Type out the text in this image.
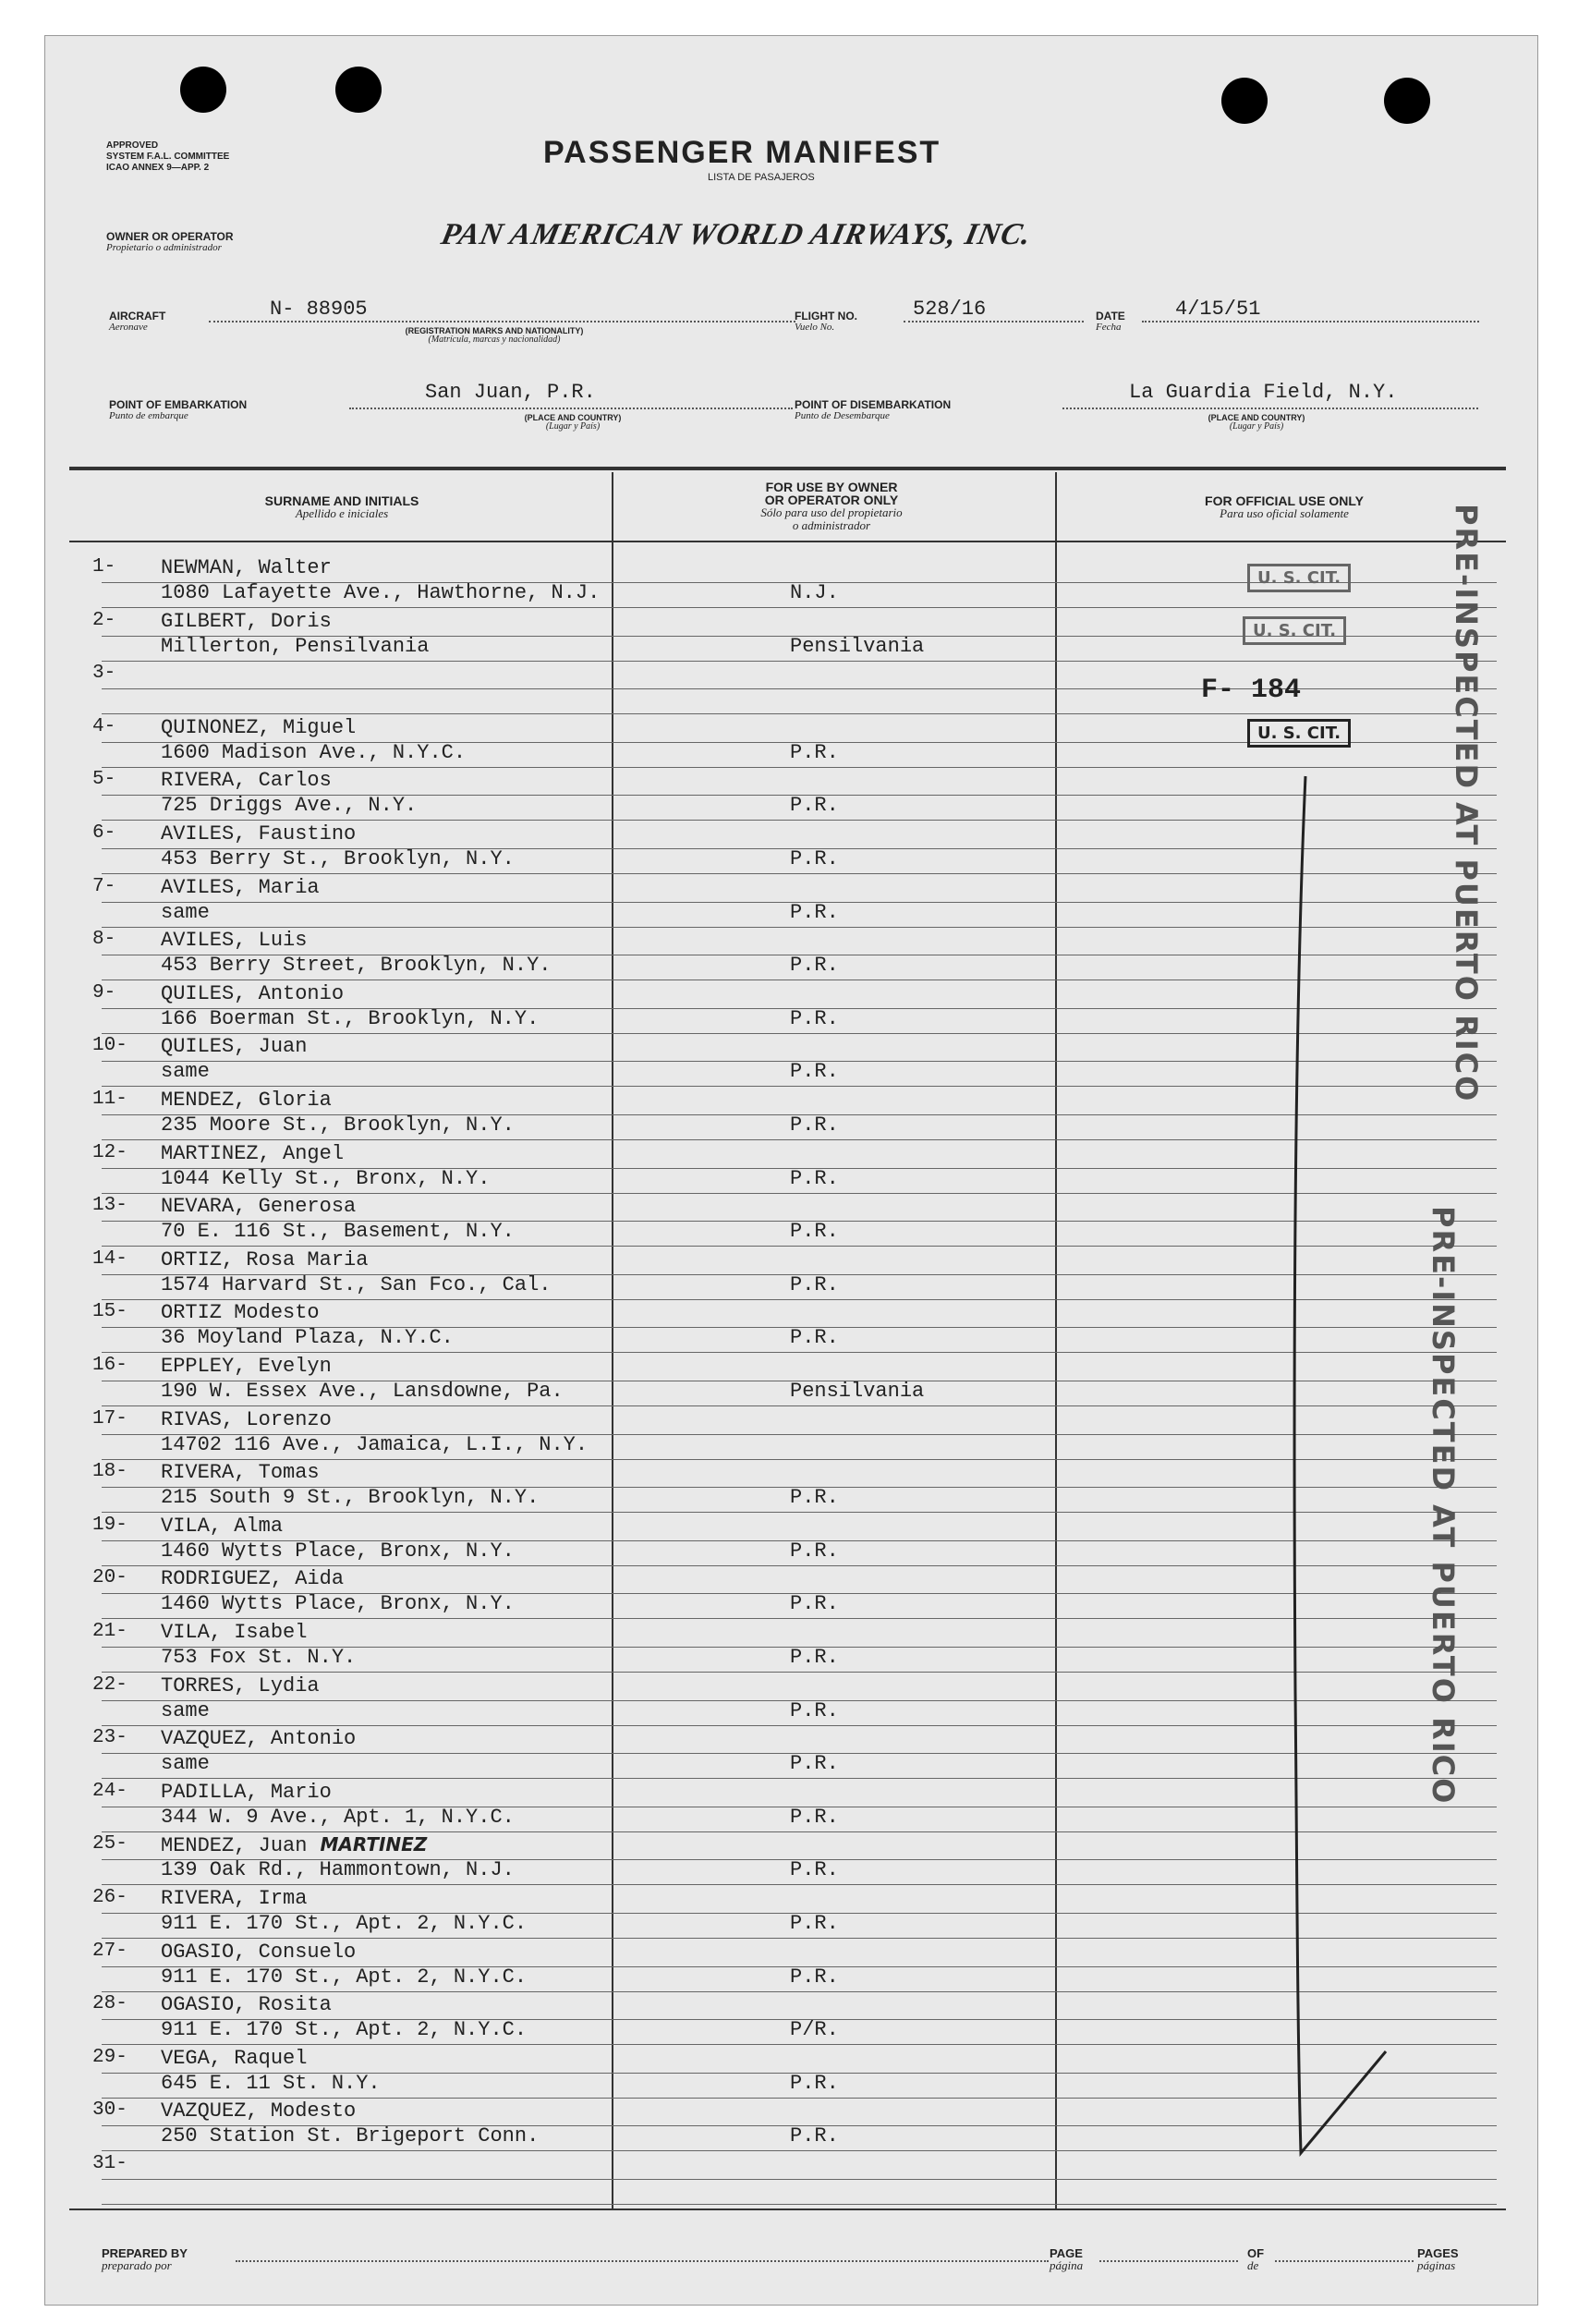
APPROVED
SYSTEM F.A.L. COMMITTEE
ICAO ANNEX 9—APP. 2	PASSENGER MANIFEST
LISTA DE PASAJEROS
OWNER OR OPERATOR
Propietario o administrador	PAN AMERICAN WORLD AIRWAYS, INC.
AIRCRAFT
Aeronave
N- 88905
(REGISTRATION MARKS AND NATIONALITY)
(Matrícula, marcas y nacionalidad)
FLIGHT NO.
Vuelo No.
528/16	DATE
Fecha
4/15/51
POINT OF EMBARKATION
Punto de embarque
San Juan, P.R.
(PLACE AND COUNTRY)
(Lugar y País)
POINT OF DISEMBARKATION
Punto de Desembarque
La Guardia Field, N.Y.
(PLACE AND COUNTRY)
(Lugar y País)
SURNAME AND INITIALS
Apellido e iniciales
FOR USE BY OWNER
OR OPERATOR ONLY
Sólo para uso del propietario
o administrador
FOR OFFICIAL USE ONLY
Para uso oficial solamente
1- NEWMAN, Walter
1080 Lafayette Ave., Hawthorne, N.J.	N.J.
2- GILBERT, Doris
Millerton, Pensilvania	Pensilvania
3-
4- QUINONEZ, Miguel
1600 Madison Ave., N.Y.C.	P.R.
5- RIVERA, Carlos
725 Driggs Ave., N.Y.	P.R.
6- AVILES, Faustino
453 Berry St., Brooklyn, N.Y.	P.R.
7- AVILES, Maria
same	P.R.
8- AVILES, Luis
453 Berry Street, Brooklyn, N.Y.	P.R.
9- QUILES, Antonio
166 Boerman St., Brooklyn, N.Y.	P.R.
10- QUILES, Juan
same	P.R.
11- MENDEZ, Gloria
235 Moore St., Brooklyn, N.Y.	P.R.
12- MARTINEZ, Angel
1044 Kelly St., Bronx, N.Y.	P.R.
13- NEVARA, Generosa
70 E. 116 St., Basement, N.Y.	P.R.
14- ORTIZ, Rosa Maria
1574 Harvard St., San Fco., Cal.	P.R.
15- ORTIZ Modesto
36 Moyland Plaza, N.Y.C.	P.R.
16- EPPLEY, Evelyn
190 W. Essex Ave., Lansdowne, Pa.	Pensilvania
17- RIVAS, Lorenzo
14702 116 Ave., Jamaica, L.I., N.Y.
18- RIVERA, Tomas
215 South 9 St., Brooklyn, N.Y.	P.R.
19- VILA, Alma
1460 Wytts Place, Bronx, N.Y.	P.R.
20- RODRIGUEZ, Aida
1460 Wytts Place, Bronx, N.Y.	P.R.
21- VILA, Isabel
753 Fox St. N.Y.	P.R.
22- TORRES, Lydia
same	P.R.
23- VAZQUEZ, Antonio
same	P.R.
24- PADILLA, Mario
344 W. 9 Ave., Apt. 1, N.Y.C.	P.R.
25- MENDEZ, Juan MARTINEZ
139 Oak Rd., Hammontown, N.J.	P.R.
26- RIVERA, Irma
911 E. 170 St., Apt. 2, N.Y.C.	P.R.
27- OGASIO, Consuelo
911 E. 170 St., Apt. 2, N.Y.C.	P.R.
28- OGASIO, Rosita
911 E. 170 St., Apt. 2, N.Y.C.	P/R.
29- VEGA, Raquel
645 E. 11 St. N.Y.	P.R.
30- VAZQUEZ, Modesto
250 Station St. Brigeport Conn.	P.R.
31-
U. S. CIT.
U. S. CIT.
F- 184
U. S. CIT.	PRE-INSPECTED AT PUERTO RICO
PRE-INSPECTED AT PUERTO RICO
PREPARED BY
preparado por
PAGE
página
OF
de
PAGES
páginas
